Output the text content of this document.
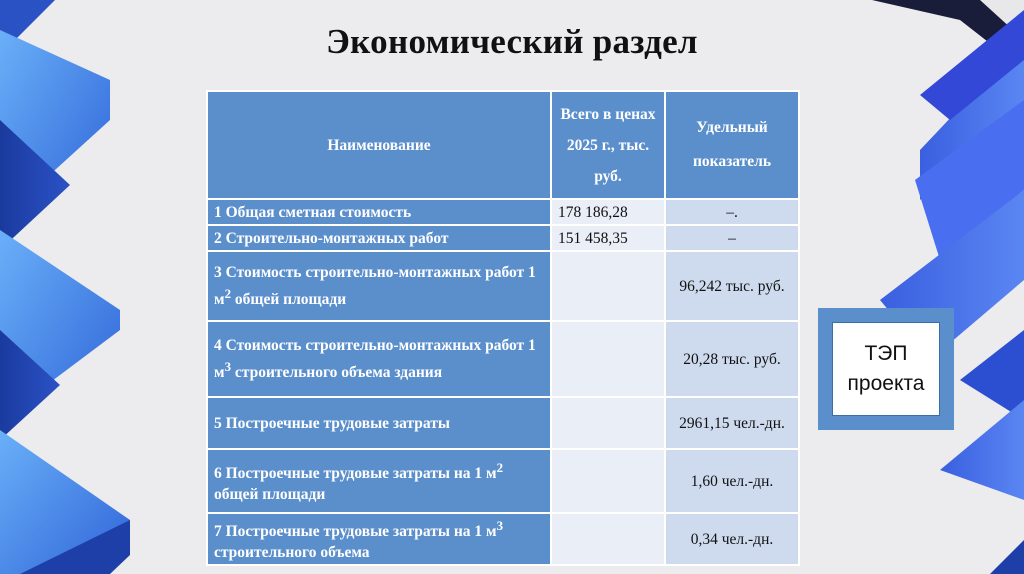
Экономический раздел
Наименование	Всего в ценах 2025 г., тыс. руб.	Удельный показатель
1 Общая сметная стоимость	178 186,28	–.
2 Строительно-монтажных работ	151 458,35	–
3 Стоимость строительно-монтажных работ 1 $м^2$ общей площади		96,242 тыс. руб.
4 Стоимость строительно-монтажных работ 1 $м^3$ строительного объема здания		20,28 тыс. руб.
5 Построечные трудовые затраты		2961,15 чел.-дн.
6 Построечные трудовые затраты на 1 $м^2$ общей площади		1,60 чел.-дн.
7 Построечные трудовые затраты на 1 $м^3$ строительного объема		0,34 чел.-дн.
ТЭП
проекта
